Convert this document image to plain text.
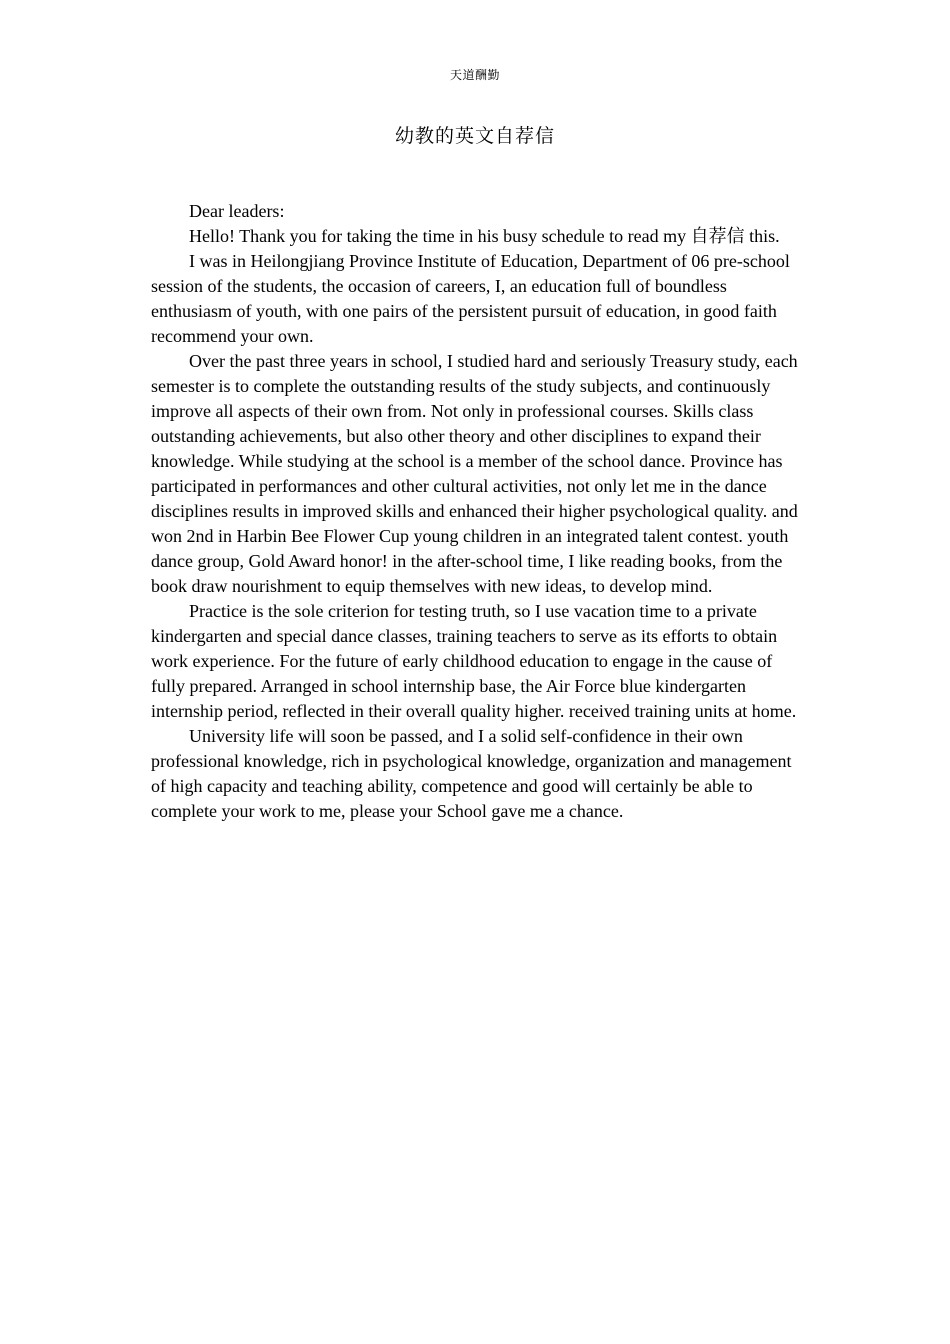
天道酬勤
幼教的英文自荐信

Dear leaders:

Hello! Thank you for taking the time in his busy schedule to read my 自荐信 this.

I was in Heilongjiang Province Institute of Education, Department of 06 pre-school session of the students, the occasion of careers, I, an education full of boundless enthusiasm of youth, with one pairs of the persistent pursuit of education, in good faith recommend your own.

Over the past three years in school, I studied hard and seriously Treasury study, each semester is to complete the outstanding results of the study subjects, and continuously improve all aspects of their own from. Not only in professional courses. Skills class outstanding achievements, but also other theory and other disciplines to expand their knowledge. While studying at the school is a member of the school dance. Province has participated in performances and other cultural activities, not only let me in the dance disciplines results in improved skills and enhanced their higher psychological quality. and won 2nd in Harbin Bee Flower Cup young children in an integrated talent contest. youth dance group, Gold Award honor! in the after-school time, I like reading books, from the book draw nourishment to equip themselves with new ideas, to develop mind.

Practice is the sole criterion for testing truth, so I use vacation time to a private kindergarten and special dance classes, training teachers to serve as its efforts to obtain work experience. For the future of early childhood education to engage in the cause of fully prepared. Arranged in school internship base, the Air Force blue kindergarten internship period, reflected in their overall quality higher. received training units at home.

University life will soon be passed, and I a solid self-confidence in their own professional knowledge, rich in psychological knowledge, organization and management of high capacity and teaching ability, competence and good will certainly be able to complete your work to me, please your School gave me a chance.
